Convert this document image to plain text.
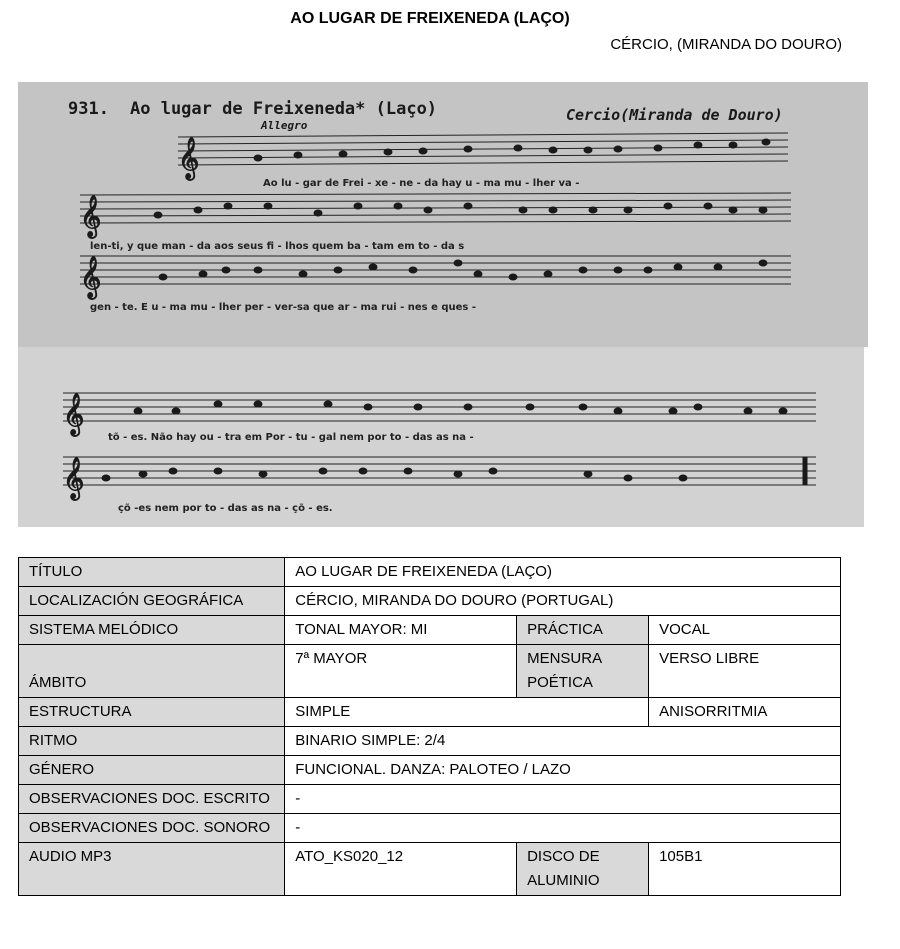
AO LUGAR DE FREIXENEDA (LAÇO)
CÉRCIO, (MIRANDA DO DOURO)
931. Ao lugar de Freixeneda* (Laço)	Cercio(Miranda de Douro)
Allegro
𝄞
𝄞
𝄞
Ao lu - gar de Frei - xe - ne - da hay u - ma mu - lher va -
len-ti, y que man - da aos seus fi - lhos quem ba - tam em to - da s
gen - te. E u - ma mu - lher per - ver-sa que ar - ma rui - nes e ques -
𝄞
𝄞
tõ - es. Não hay ou - tra em Por - tu - gal nem por to - das as na -
çõ -es nem por to - das as na - çõ - es.
TÍTULO	AO LUGAR DE FREIXENEDA (LAÇO)		
LOCALIZACIÓN GEOGRÁFICA	CÉRCIO, MIRANDA DO DOURO (PORTUGAL)		
SISTEMA MELÓDICO	TONAL MAYOR: MI	PRÁCTICA	VOCAL
ÁMBITO	7ª MAYOR	MENSURA POÉTICA	VERSO LIBRE
ESTRUCTURA	SIMPLE		ANISORRITMIA
RITMO	BINARIO SIMPLE: 2/4		
GÉNERO	FUNCIONAL. DANZA: PALOTEO / LAZO		
OBSERVACIONES DOC. ESCRITO	-		
OBSERVACIONES DOC. SONORO	-		
AUDIO MP3	ATO_KS020_12	DISCO DE ALUMINIO	105B1
